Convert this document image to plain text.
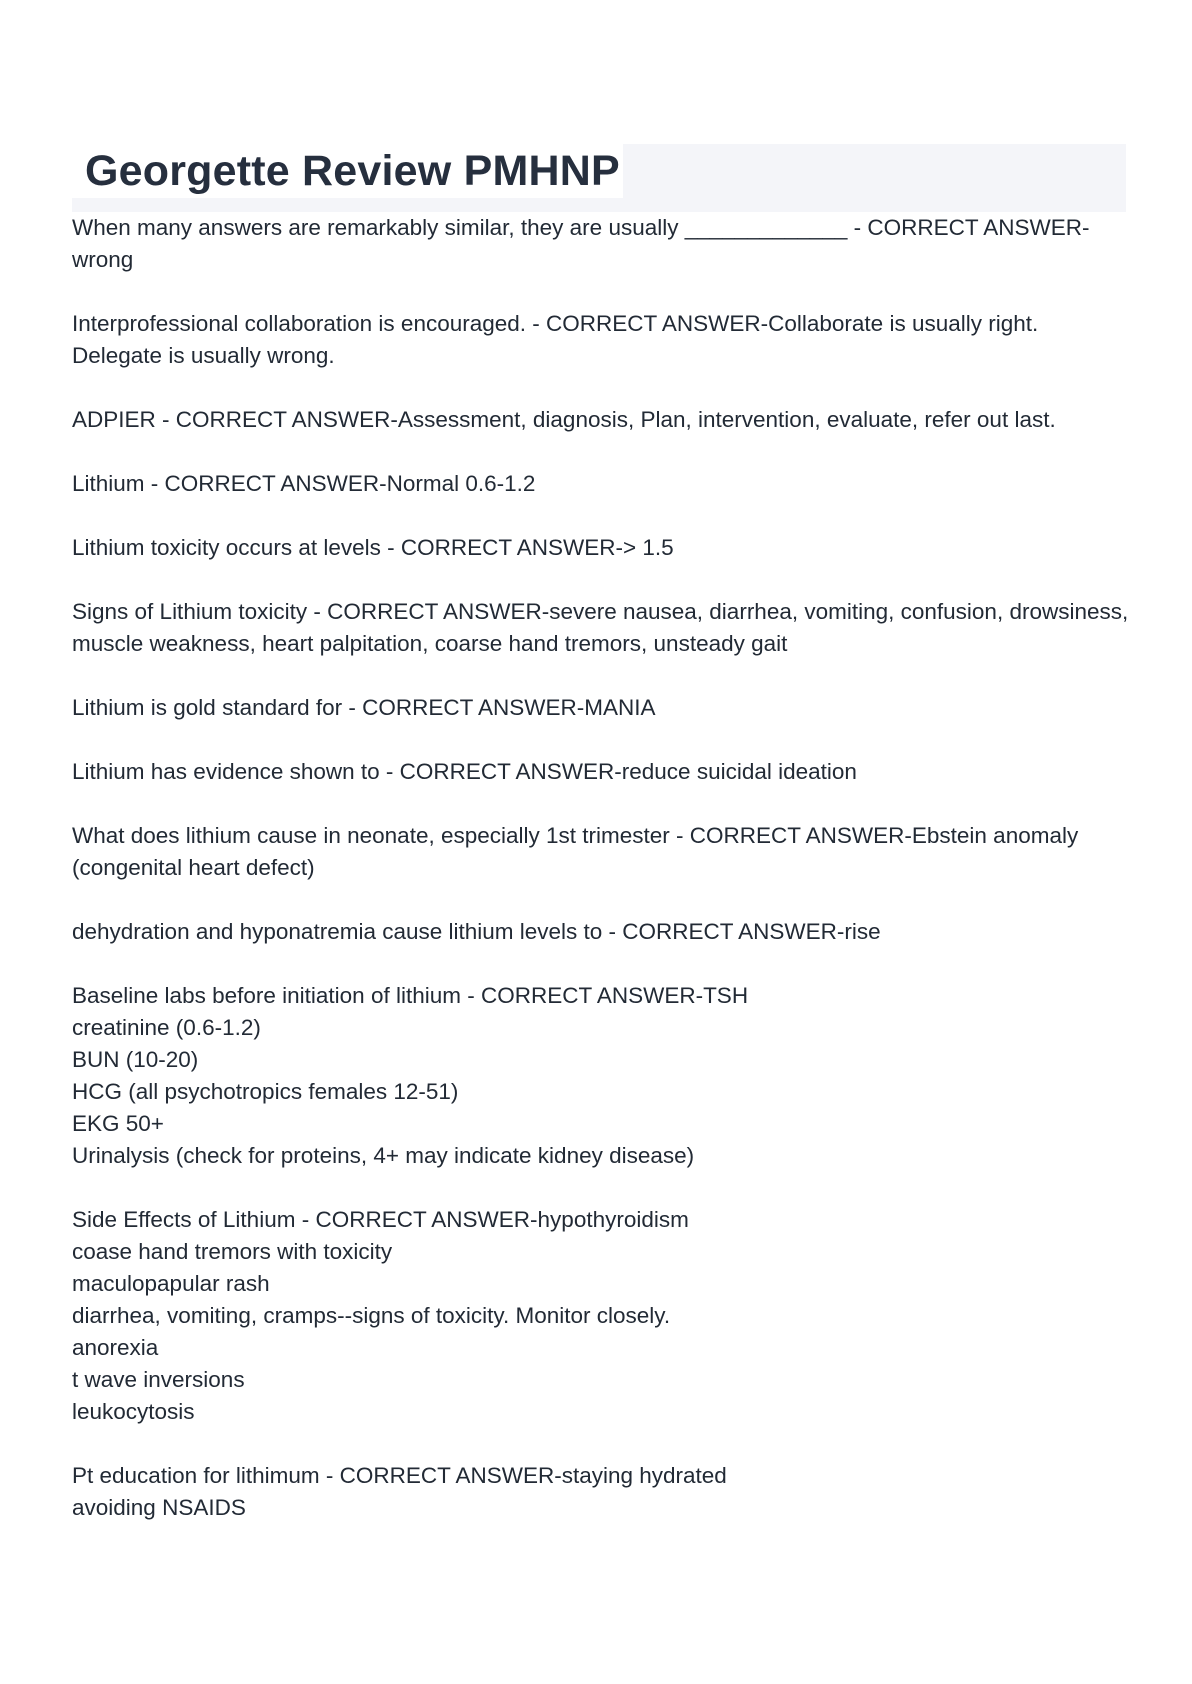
Georgette Review PMHNP
When many answers are remarkably similar, they are usually _____________ - CORRECT ANSWER-wrong
Interprofessional collaboration is encouraged. - CORRECT ANSWER-Collaborate is usually right. Delegate is usually wrong.
ADPIER - CORRECT ANSWER-Assessment, diagnosis, Plan, intervention, evaluate, refer out last.
Lithium - CORRECT ANSWER-Normal 0.6-1.2
Lithium toxicity occurs at levels - CORRECT ANSWER-> 1.5
Signs of Lithium toxicity - CORRECT ANSWER-severe nausea, diarrhea, vomiting, confusion, drowsiness, muscle weakness, heart palpitation, coarse hand tremors, unsteady gait
Lithium is gold standard for - CORRECT ANSWER-MANIA
Lithium has evidence shown to - CORRECT ANSWER-reduce suicidal ideation
What does lithium cause in neonate, especially 1st trimester - CORRECT ANSWER-Ebstein anomaly (congenital heart defect)
dehydration and hyponatremia cause lithium levels to - CORRECT ANSWER-rise
Baseline labs before initiation of lithium - CORRECT ANSWER-TSH
creatinine (0.6-1.2)
BUN (10-20)
HCG (all psychotropics females 12-51)
EKG 50+
Urinalysis (check for proteins, 4+ may indicate kidney disease)
Side Effects of Lithium - CORRECT ANSWER-hypothyroidism
coase hand tremors with toxicity
maculopapular rash
diarrhea, vomiting, cramps--signs of toxicity. Monitor closely.
anorexia
t wave inversions
leukocytosis
Pt education for lithimum - CORRECT ANSWER-staying hydrated
avoiding NSAIDS
